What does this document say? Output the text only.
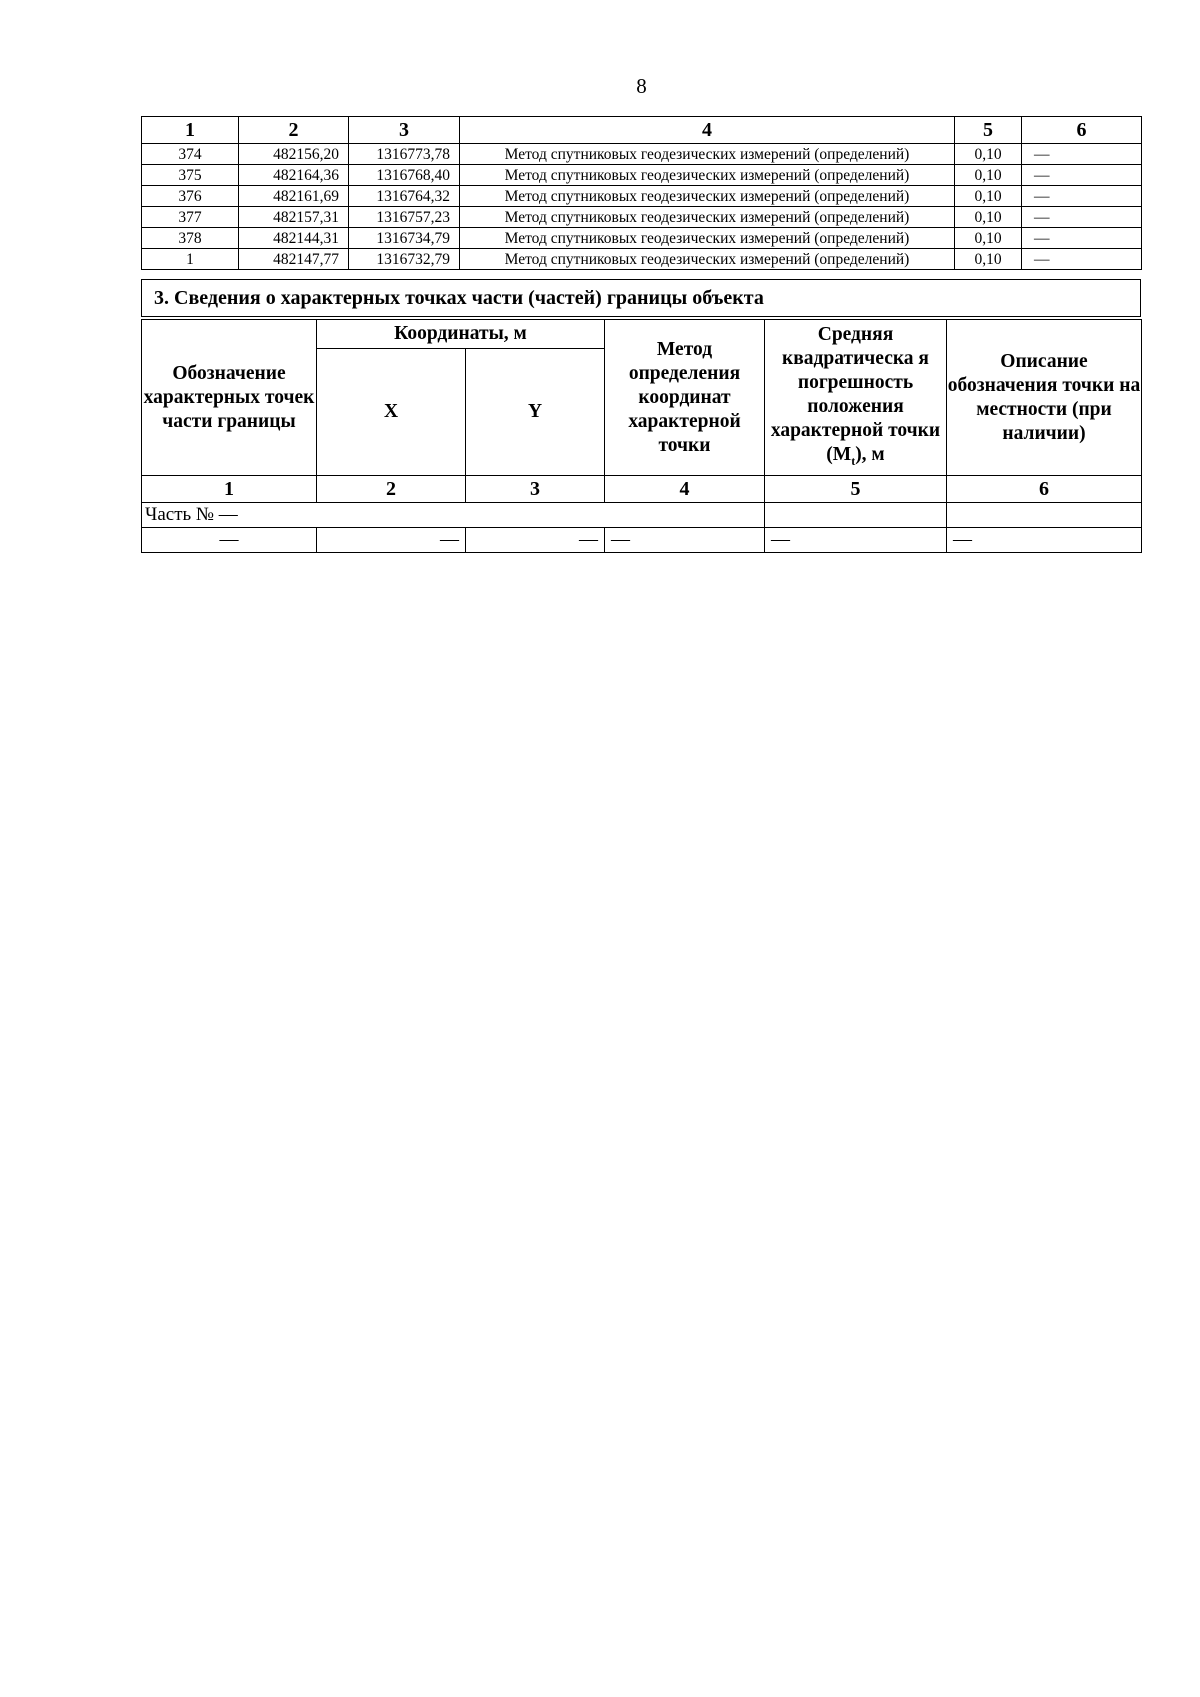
8
1	2	3	4	5	6
374	482156,20	1316773,78	Метод спутниковых геодезических измерений (определений)	0,10	—
375	482164,36	1316768,40	Метод спутниковых геодезических измерений (определений)	0,10	—
376	482161,69	1316764,32	Метод спутниковых геодезических измерений (определений)	0,10	—
377	482157,31	1316757,23	Метод спутниковых геодезических измерений (определений)	0,10	—
378	482144,31	1316734,79	Метод спутниковых геодезических измерений (определений)	0,10	—
1	482147,77	1316732,79	Метод спутниковых геодезических измерений (определений)	0,10	—
3. Сведения о характерных точках части (частей) границы объекта
Обозначение характерных точек части границы	Координаты, м		Метод определения координат характерной точки	Средняя квадратическа я погрешность положения характерной точки $(M_t)$, м	Описание обозначения точки на местности (при наличии)
	X	Y			
1	2	3	4	5	6
Часть № —					
—	—	—	—	—	—
